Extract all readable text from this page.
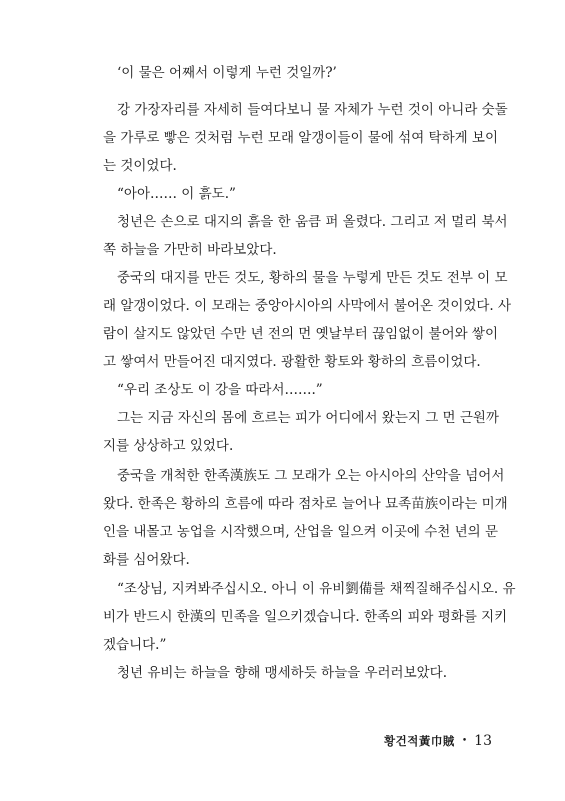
‘이 물은 어째서 이렇게 누런 것일까?’
강 가장자리를 자세히 들여다보니 물 자체가 누런 것이 아니라 숫돌
을 가루로 빻은 것처럼 누런 모래 알갱이들이 물에 섞여 탁하게 보이
는 것이었다.
“아아…… 이 흙도.”
청년은 손으로 대지의 흙을 한 움큼 퍼 올렸다. 그리고 저 멀리 북서
쪽 하늘을 가만히 바라보았다.
중국의 대지를 만든 것도, 황하의 물을 누렇게 만든 것도 전부 이 모
래 알갱이었다. 이 모래는 중앙아시아의 사막에서 불어온 것이었다. 사
람이 살지도 않았던 수만 년 전의 먼 옛날부터 끊임없이 불어와 쌓이
고 쌓여서 만들어진 대지였다. 광활한 황토와 황하의 흐름이었다.
“우리 조상도 이 강을 따라서…….”
그는 지금 자신의 몸에 흐르는 피가 어디에서 왔는지 그 먼 근원까
지를 상상하고 있었다.
중국을 개척한 한족漢族도 그 모래가 오는 아시아의 산악을 넘어서
왔다. 한족은 황하의 흐름에 따라 점차로 늘어나 묘족苗族이라는 미개
인을 내몰고 농업을 시작했으며, 산업을 일으켜 이곳에 수천 년의 문
화를 심어왔다.
“조상님, 지켜봐주십시오. 아니 이 유비劉備를 채찍질해주십시오. 유
비가 반드시 한漢의 민족을 일으키겠습니다. 한족의 피와 평화를 지키
겠습니다.”
청년 유비는 하늘을 향해 맹세하듯 하늘을 우러러보았다.
황건적黃巾賊 • 13
